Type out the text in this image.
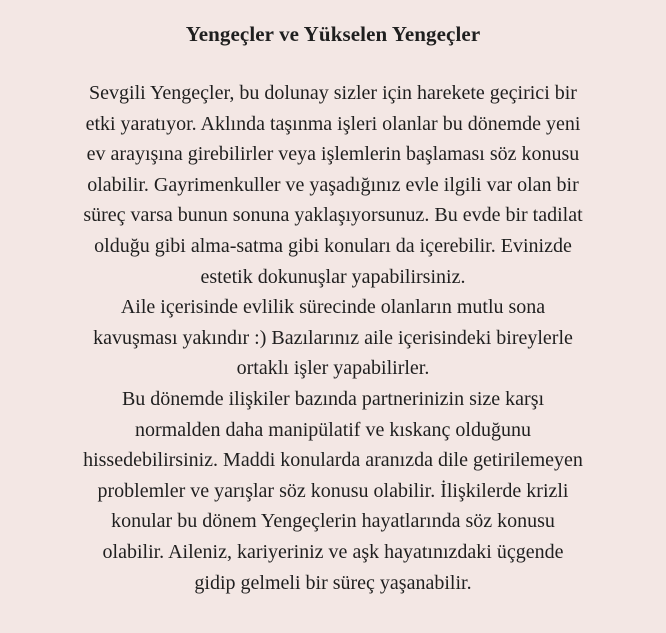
Yengeçler ve Yükselen Yengeçler
Sevgili Yengeçler, bu dolunay sizler için harekete geçirici bir
etki yaratıyor. Aklında taşınma işleri olanlar bu dönemde yeni
ev arayışına girebilirler veya işlemlerin başlaması söz konusu
olabilir. Gayrimenkuller ve yaşadığınız evle ilgili var olan bir
süreç varsa bunun sonuna yaklaşıyorsunuz. Bu evde bir tadilat
olduğu gibi alma-satma gibi konuları da içerebilir. Evinizde
estetik dokunuşlar yapabilirsiniz.
Aile içerisinde evlilik sürecinde olanların mutlu sona
kavuşması yakındır :) Bazılarınız aile içerisindeki bireylerle
ortaklı işler yapabilirler.
Bu dönemde ilişkiler bazında partnerinizin size karşı
normalden daha manipülatif ve kıskanç olduğunu
hissedebilirsiniz. Maddi konularda aranızda dile getirilemeyen
problemler ve yarışlar söz konusu olabilir. İlişkilerde krizli
konular bu dönem Yengeçlerin hayatlarında söz konusu
olabilir. Aileniz, kariyeriniz ve aşk hayatınızdaki üçgende
gidip gelmeli bir süreç yaşanabilir.
